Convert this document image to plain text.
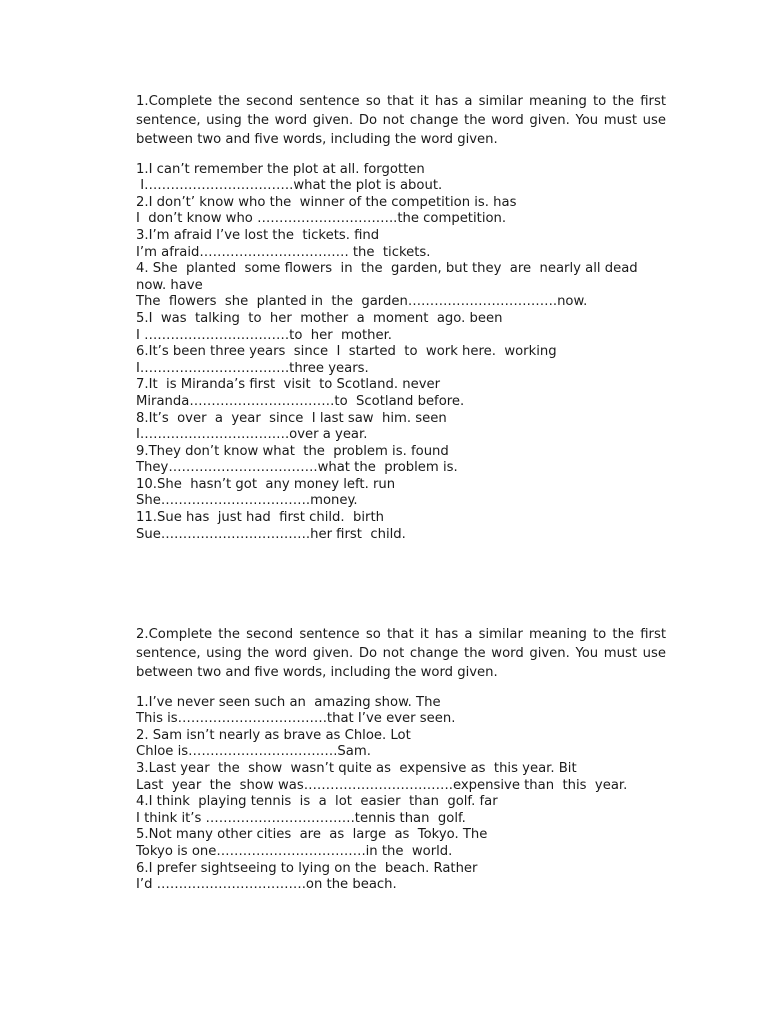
1.Complete the second sentence so that it has a similar meaning to the first sentence, using the word given. Do not change the word given. You must use between two and five words, including the word given.

1.I can’t remember the plot at all. forgotten

I…………………………….what the plot is about.

2.I don’t’ know who the  winner of the competition is. has

I  don’t know who …………………………..the competition.

3.I’m afraid I’ve lost the  tickets. find

I’m afraid……………………………. the  tickets.

4. She  planted  some flowers  in  the  garden, but they  are  nearly all dead

now. have

The  flowers  she  planted in  the  garden…………………………….now.

5.I  was  talking  to  her  mother  a  moment  ago. been

I ……………………………to  her  mother.

6.It’s been three years  since  I  started  to  work here.  working

I…………………………….three years.

7.It  is Miranda’s first  visit  to Scotland. never

Miranda……………………………to  Scotland before.

8.It’s  over  a  year  since  I last saw  him. seen

I…………………………….over a year.

9.They don’t know what  the  problem is. found

They…………………………….what the  problem is.

10.She  hasn’t got  any money left. run

She…………………………….money.

11.Sue has  just had  first child.  birth

Sue…………………………….her first  child.

2.Complete the second sentence so that it has a similar meaning to the first sentence, using the word given. Do not change the word given. You must use between two and five words, including the word given.

1.I’ve never seen such an  amazing show. The

This is…………………………….that I’ve ever seen.

2. Sam isn’t nearly as brave as Chloe. Lot

Chloe is…………………………….Sam.

3.Last year  the  show  wasn’t quite as  expensive as  this year. Bit

Last  year  the  show was…………………………….expensive than  this  year.

4.I think  playing tennis  is  a  lot  easier  than  golf. far

I think it’s …………………………….tennis than  golf.

5.Not many other cities  are  as  large  as  Tokyo. The

Tokyo is one…………………………….in the  world.

6.I prefer sightseeing to lying on the  beach. Rather

I’d …………………………….on the beach.
